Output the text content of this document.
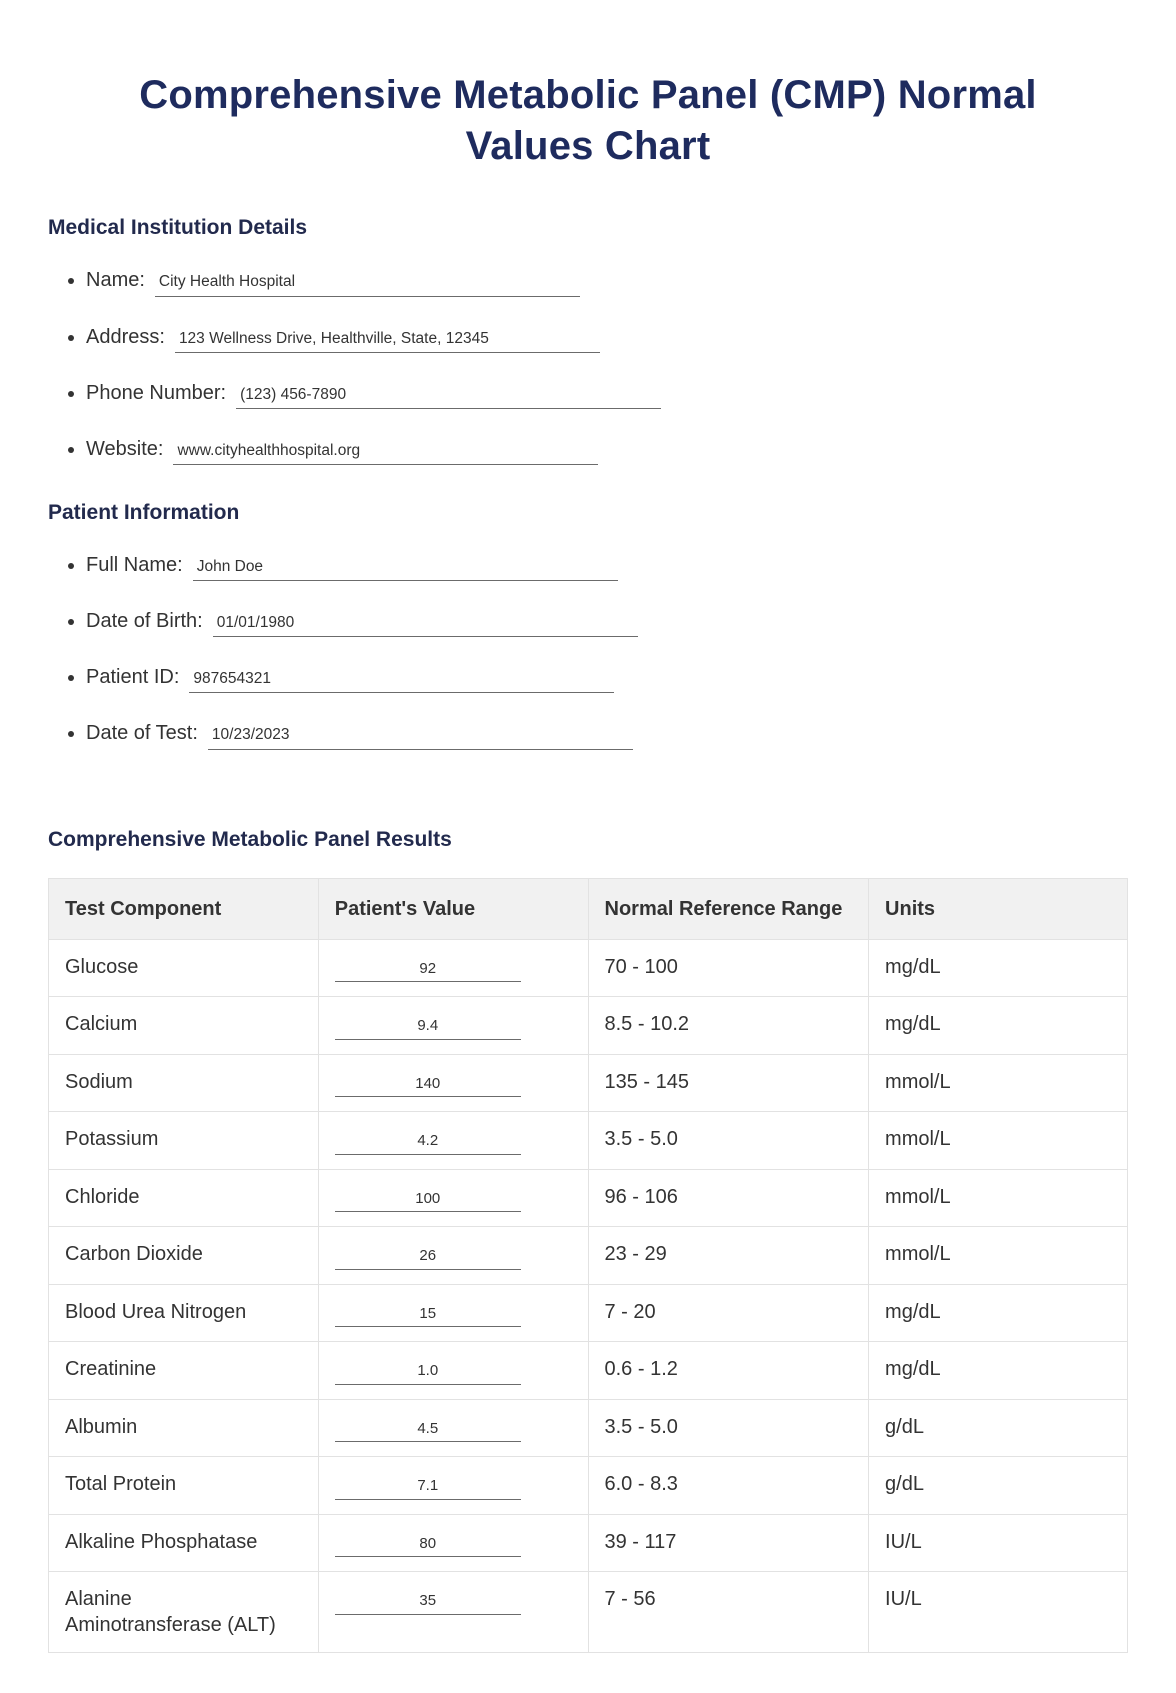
Comprehensive Metabolic Panel (CMP) Normal Values Chart
Medical Institution Details
• Name: City Health Hospital
• Address: 123 Wellness Drive, Healthville, State, 12345
• Phone Number: (123) 456-7890
• Website: www.cityhealthhospital.org
Patient Information
• Full Name: John Doe
• Date of Birth: 01/01/1980
• Patient ID: 987654321
• Date of Test: 10/23/2023
Comprehensive Metabolic Panel Results
Test Component	Patient's Value	Normal Reference Range	Units
Glucose	92	70 - 100	mg/dL
Calcium	9.4	8.5 - 10.2	mg/dL
Sodium	140	135 - 145	mmol/L
Potassium	4.2	3.5 - 5.0	mmol/L
Chloride	100	96 - 106	mmol/L
Carbon Dioxide	26	23 - 29	mmol/L
Blood Urea Nitrogen	15	7 - 20	mg/dL
Creatinine	1.0	0.6 - 1.2	mg/dL
Albumin	4.5	3.5 - 5.0	g/dL
Total Protein	7.1	6.0 - 8.3	g/dL
Alkaline Phosphatase	80	39 - 117	IU/L
Alanine Aminotransferase (ALT)	35	7 - 56	IU/L
